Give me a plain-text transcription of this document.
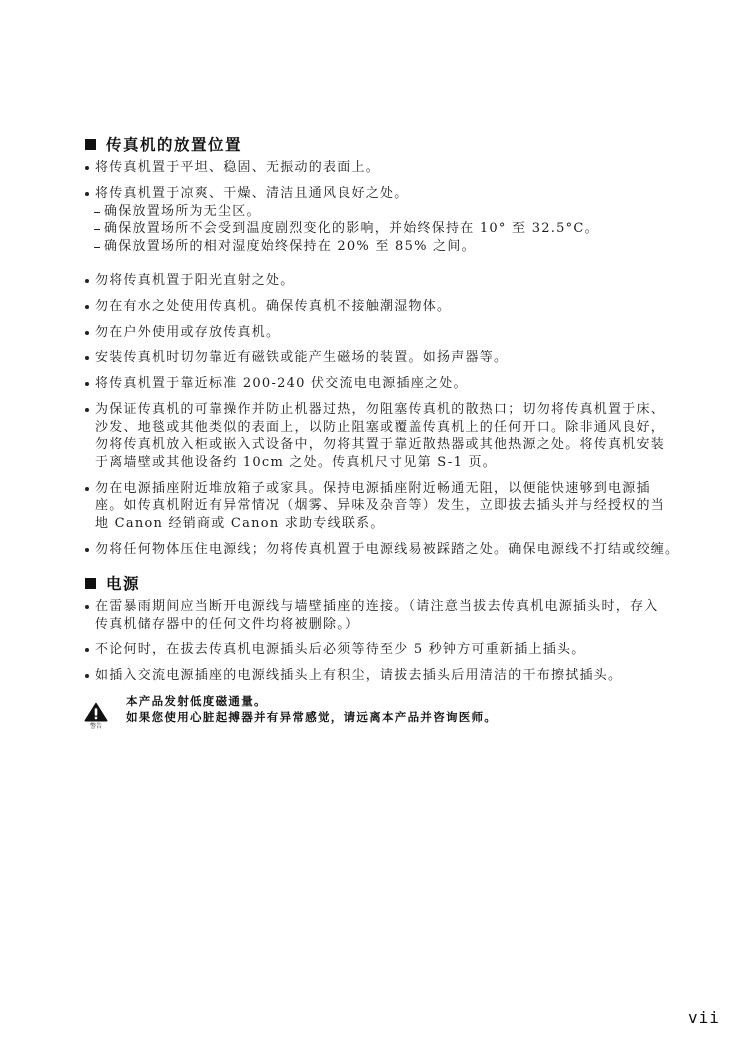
传真机的放置位置
将传真机置于平坦、稳固、无振动的表面上。
将传真机置于凉爽、干燥、清洁且通风良好之处。
确保放置场所为无尘区。
确保放置场所不会受到温度剧烈变化的影响，并始终保持在 10° 至 32.5°C。
确保放置场所的相对湿度始终保持在 20% 至 85% 之间。
勿将传真机置于阳光直射之处。
勿在有水之处使用传真机。确保传真机不接触潮湿物体。
勿在户外使用或存放传真机。
安装传真机时切勿靠近有磁铁或能产生磁场的装置。如扬声器等。
将传真机置于靠近标准 200-240 伏交流电电源插座之处。
为保证传真机的可靠操作并防止机器过热，勿阻塞传真机的散热口；切勿将传真机置于床、
沙发、地毯或其他类似的表面上，以防止阻塞或覆盖传真机上的任何开口。除非通风良好，
勿将传真机放入柜或嵌入式设备中，勿将其置于靠近散热器或其他热源之处。将传真机安装
于离墙壁或其他设备约 10cm 之处。传真机尺寸见第 S-1 页。
勿在电源插座附近堆放箱子或家具。保持电源插座附近畅通无阻，以便能快速够到电源插
座。如传真机附近有异常情况（烟雾、异味及杂音等）发生，立即拔去插头并与经授权的当
地 Canon 经销商或 Canon 求助专线联系。
勿将任何物体压住电源线；勿将传真机置于电源线易被踩踏之处。确保电源线不打结或绞缠。
电源
在雷暴雨期间应当断开电源线与墙壁插座的连接。（请注意当拔去传真机电源插头时，存入
传真机储存器中的任何文件均将被删除。）
不论何时，在拔去传真机电源插头后必须等待至少 5 秒钟方可重新插上插头。
如插入交流电源插座的电源线插头上有积尘，请拔去插头后用清洁的干布擦拭插头。
警告
本产品发射低度磁通量。
如果您使用心脏起搏器并有异常感觉，请远离本产品并咨询医师。
vii
